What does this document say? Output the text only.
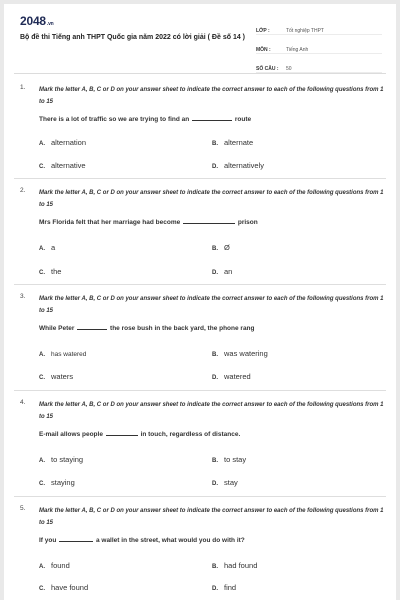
2048.vn
Bộ đề thi Tiếng anh THPT Quốc gia năm 2022 có lời giải ( Đề số 14 )
LỚP :	Tốt nghiệp THPT
MÔN :	Tiếng Anh
SỐ CÂU :	50
1. Mark the letter A, B, C or D on your answer sheet to indicate the correct answer to each of the following questions from 1 to 15
There is a lot of traffic so we are trying to find an	route
A. alternation	B. alternate
C. alternative	D. alternatively
2. Mark the letter A, B, C or D on your answer sheet to indicate the correct answer to each of the following questions from 1 to 15
Mrs Florida felt that her marriage had become	prison
A. a	B. Ø
C. the	D. an
3. Mark the letter A, B, C or D on your answer sheet to indicate the correct answer to each of the following questions from 1 to 15
While Peter	the rose bush in the back yard, the phone rang
A. has watered	B. was watering
C. waters	D. watered
4. Mark the letter A, B, C or D on your answer sheet to indicate the correct answer to each of the following questions from 1 to 15
E-mail allows people	in touch, regardless of distance.
A. to staying	B. to stay
C. staying	D. stay
5. Mark the letter A, B, C or D on your answer sheet to indicate the correct answer to each of the following questions from 1 to 15
If you	a wallet in the street, what would you do with it?
A. found	B. had found
C. have found	D. find
